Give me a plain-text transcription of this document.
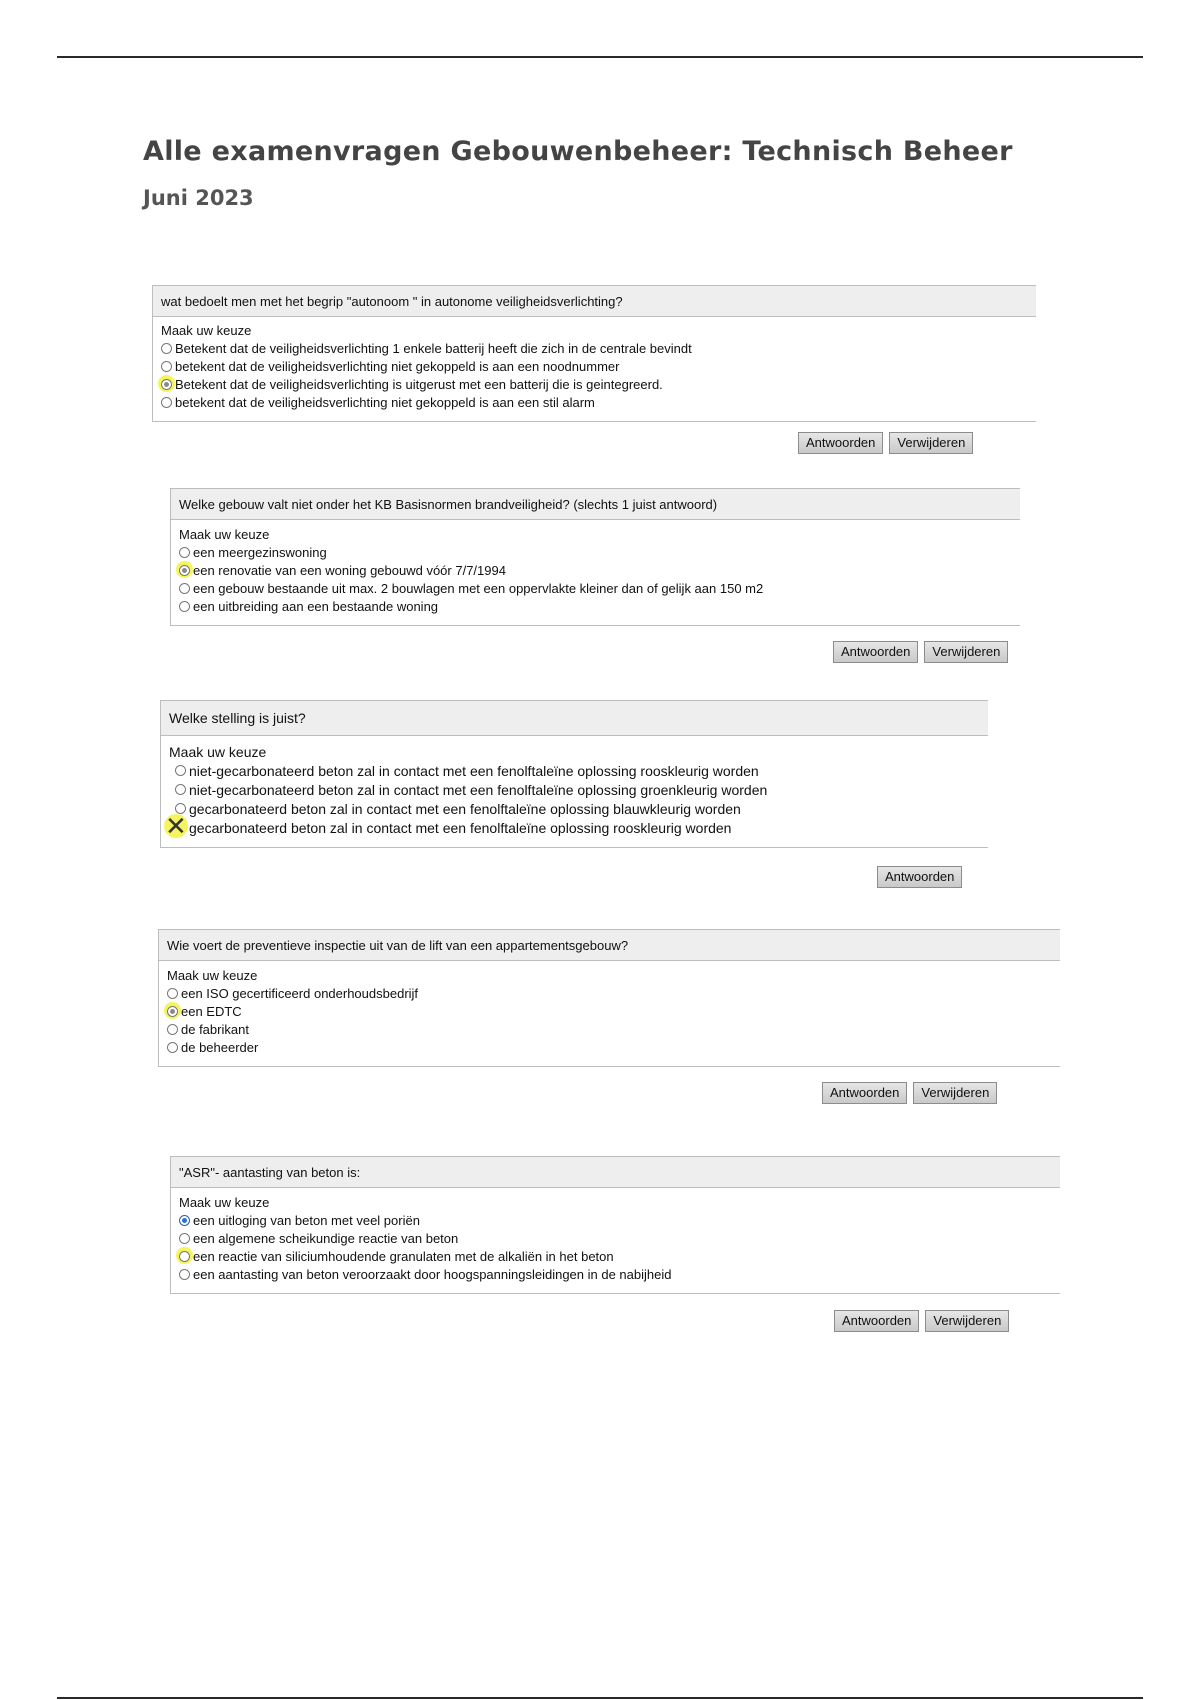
Alle examenvragen Gebouwenbeheer: Technisch Beheer
Juni 2023
wat bedoelt men met het begrip "autonoom " in autonome veiligheidsverlichting?
Maak uw keuze
Betekent dat de veiligheidsverlichting 1 enkele batterij heeft die zich in de centrale bevindt
betekent dat de veiligheidsverlichting niet gekoppeld is aan een noodnummer
Betekent dat de veiligheidsverlichting is uitgerust met een batterij die is geintegreerd.
betekent dat de veiligheidsverlichting niet gekoppeld is aan een stil alarm
Antwoorden	Verwijderen
Welke gebouw valt niet onder het KB Basisnormen brandveiligheid? (slechts 1 juist antwoord)
Maak uw keuze
een meergezinswoning
een renovatie van een woning gebouwd vóór 7/7/1994
een gebouw bestaande uit max. 2 bouwlagen met een oppervlakte kleiner dan of gelijk aan 150 m2
een uitbreiding aan een bestaande woning
Antwoorden	Verwijderen
Welke stelling is juist?
Maak uw keuze
niet-gecarbonateerd beton zal in contact met een fenolftaleïne oplossing rooskleurig worden
niet-gecarbonateerd beton zal in contact met een fenolftaleïne oplossing groenkleurig worden
gecarbonateerd beton zal in contact met een fenolftaleïne oplossing blauwkleurig worden
✕ gecarbonateerd beton zal in contact met een fenolftaleïne oplossing rooskleurig worden
Antwoorden
Wie voert de preventieve inspectie uit van de lift van een appartementsgebouw?
Maak uw keuze
een ISO gecertificeerd onderhoudsbedrijf
een EDTC
de fabrikant
de beheerder
Antwoorden	Verwijderen
"ASR"- aantasting van beton is:
Maak uw keuze
een uitloging van beton met veel poriën
een algemene scheikundige reactie van beton
een reactie van siliciumhoudende granulaten met de alkaliën in het beton
een aantasting van beton veroorzaakt door hoogspanningsleidingen in de nabijheid
Antwoorden	Verwijderen
